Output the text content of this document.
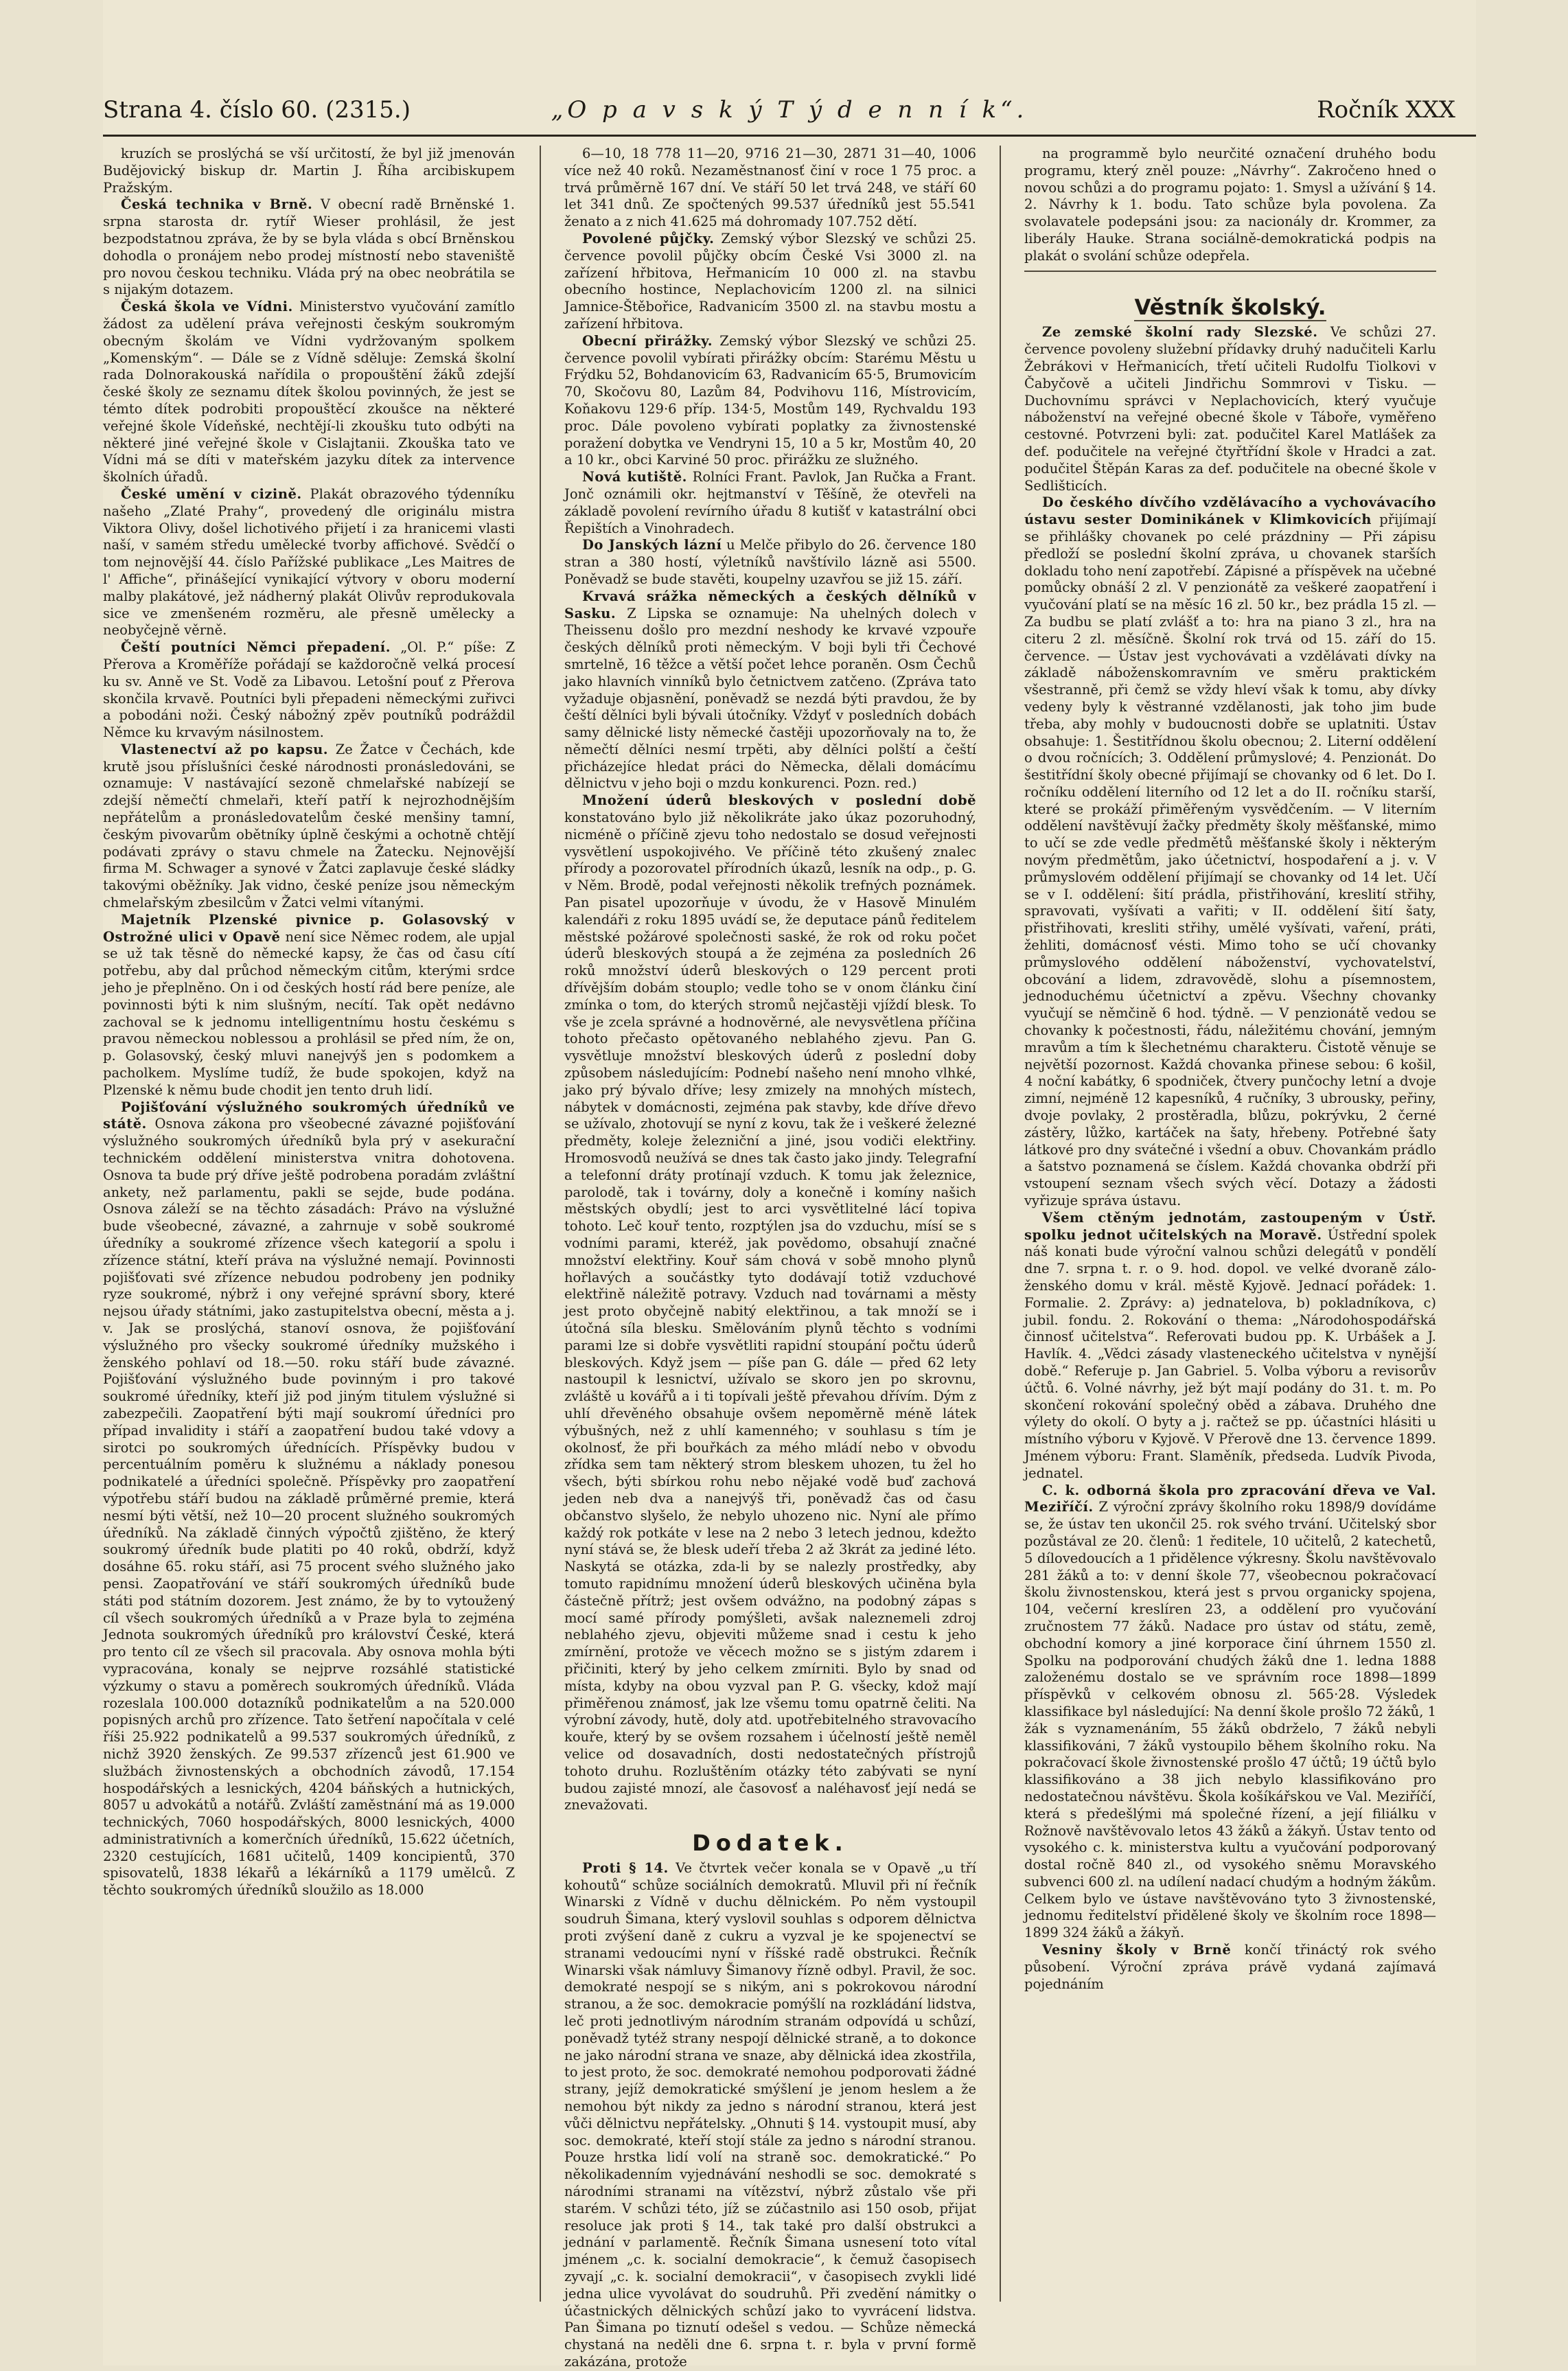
Strana 4. číslo 60. (2315.)	„O p a v s k ý T ý d e n n í k“.	Ročník XXX

kruzích se proslýchá se vší určitostí, že byl již jmenován Budějovický biskup dr. Martin J. Říha arcibiskupem Pražským.

Česká technika v Brně. V obecní radě Brněnské 1. srpna starosta dr. rytíř Wieser prohlásil, že jest bezpodstatnou zpráva, že by se byla vláda s obcí Brněnskou dohodla o pronájem nebo prodej místností nebo staveniště pro novou českou techniku. Vláda prý na obec neobrátila se s nijakým dotazem.

Česká škola ve Vídni. Ministerstvo vyučování zamítlo žádost za udělení práva veřejnosti českým soukromým obecným školám ve Vídni vydržovaným spolkem „Komenským“. — Dále se z Vídně sděluje: Zemská školní rada Dolnorakouská nařídila o propouštění žáků zdejší české školy ze seznamu dítek školou povinných, že jest se témto dítek podrobiti propouštěcí zkoušce na některé veřejné škole Vídeňské, nechtějí-li zkoušku tuto odbýti na některé jiné veřejné škole v Cislajtanii. Zkouška tato ve Vídni má se díti v mateřském jazyku dítek za intervence školních úřadů.

České umění v cizině. Plakát obrazového týdenníku našeho „Zlaté Prahy“, provedený dle originálu mistra Viktora Olivy, došel lichotivého přijetí i za hranicemi vlasti naší, v samém středu umělecké tvorby affichové. Svědčí o tom nejnovější 44. číslo Pařížské publikace „Les Maitres de l' Affiche“, přinášející vynikající výtvory v oboru moderní malby plakátové, jež nádherný plakát Olivův reprodukovala sice ve zmenšeném rozměru, ale přesně umělecky a neobyčejně věrně.

Čeští poutníci Němci přepadení. „Ol. P.“ píše: Z Přerova a Kroměříže pořádají se každoročně velká procesí ku sv. Anně ve St. Vodě za Libavou. Letošní pouť z Přerova skončila krvavě. Poutníci byli přepadeni německými zuřivci a pobodáni noži. Český nábožný zpěv poutníků podráždil Němce ku krvavým násilnostem.

Vlastenectví až po kapsu. Ze Žatce v Čechách, kde krutě jsou příslušníci české národnosti pronásledováni, se oznamuje: V nastávající sezoně chmelařské nabízejí se zdejší němečtí chmelaři, kteří patří k nejrozhodnějším nepřátelům a pronásledovatelům české menšiny tamní, českým pivovarům obětníky úplně českými a ochotně chtějí podávati zprávy o stavu chmele na Žatecku. Nejnovější firma M. Schwager a synové v Žatci zaplavuje české sládky takovými oběžníky. Jak vidno, české peníze jsou německým chmelařským zbesilcům v Žatci velmi vítanými.

Majetník Plzenské pivnice p. Golasovský v Ostrožné ulici v Opavě není sice Němec rodem, ale upjal se už tak těsně do německé kapsy, že čas od času cítí potřebu, aby dal průchod německým citům, kterými srdce jeho je přeplněno. On i od českých hostí rád bere peníze, ale povinnosti býti k nim slušným, necítí. Tak opět nedávno zachoval se k jednomu intelligentnímu hostu českému s pravou německou noblessou a prohlásil se před ním, že on, p. Golasovský, český mluvi nanejvýš jen s podomkem a pacholkem. Myslíme tudíž, že bude spokojen, když na Plzenské k němu bude chodit jen tento druh lidí.

Pojišťování výslužného soukromých úředníků ve státě. Osnova zákona pro všeobecné závazné pojišťování výslužného soukromých úředníků byla prý v asekurační technickém oddělení ministerstva vnitra dohotovena. Osnova ta bude prý dříve ještě podrobena poradám zvláštní ankety, než parlamentu, pakli se sejde, bude podána. Osnova záleží se na těchto zásadách: Právo na výslužné bude všeobecné, závazné, a zahrnuje v sobě soukromé úředníky a soukromé zřízence všech kategorií a spolu i zřízence státní, kteří práva na výslužné nemají. Povinnosti pojišťovati své zřízence nebudou podrobeny jen podniky ryze soukromé, nýbrž i ony veřejné správní sbory, které nejsou úřady státními, jako zastupitelstva obecní, města a j. v. Jak se proslýchá, stanoví osnova, že pojišťování výslužného pro všecky soukromé úředníky mužského i ženského pohlaví od 18.—50. roku stáří bude závazné. Pojišťování výslužného bude povinným i pro takové soukromé úředníky, kteří již pod jiným titulem výslužné si zabezpečili. Zaopatření býti mají soukromí úředníci pro případ invalidity i stáří a zaopatření budou také vdovy a sirotci po soukromých úřednících. Příspěvky budou v percentuálním poměru k služnému a náklady ponesou podnikatelé a úředníci společně. Příspěvky pro zaopatření výpotřebu stáří budou na základě průměrné premie, která nesmí býti větší, než 10—20 procent služného soukromých úředníků. Na základě činných výpočtů zjištěno, že který soukromý úředník bude platiti po 40 roků, obdrží, když dosáhne 65. roku stáří, asi 75 procent svého služného jako pensi. Zaopatřování ve stáří soukromých úředníků bude státi pod státním dozorem. Jest známo, že by to vytoužený cíl všech soukromých úředníků a v Praze byla to zejména Jednota soukromých úředníků pro království České, která pro tento cíl ze všech sil pracovala. Aby osnova mohla býti vypracována, konaly se nejprve rozsáhlé statistické výzkumy o stavu a poměrech soukromých úředníků. Vláda rozeslala 100.000 dotazníků podnikatelům a na 520.000 popisných archů pro zřízence. Tato šetření napočítala v celé říši 25.922 podnikatelů a 99.537 soukromých úředníků, z nichž 3920 ženských. Ze 99.537 zřízenců jest 61.900 ve službách živnostenských a obchodních závodů, 17.154 hospodářských a lesnických, 4204 báňských a hutnických, 8057 u advokátů a notářů. Zvláští zaměstnání má as 19.000 technických, 7060 hospodářských, 8000 lesnických, 4000 administrativních a komerčních úředníků, 15.622 účetních, 2320 cestujících, 1681 učitelů, 1409 koncipientů, 370 spisovatelů, 1838 lékařů a lékárníků a 1179 umělců. Z těchto soukromých úředníků sloužilo as 18.000

6—10, 18 778 11—20, 9716 21—30, 2871 31—40, 1006 více než 40 roků. Nezaměstnanosť činí v roce 1 75 proc. a trvá průměrně 167 dní. Ve stáří 50 let trvá 248, ve stáří 60 let 341 dnů. Ze spočtených 99.537 úředníků jest 55.541 ženato a z nich 41.625 má dohromady 107.752 dětí.

Povolené půjčky. Zemský výbor Slezský ve schůzi 25. července povolil půjčky obcím České Vsi 3000 zl. na zařízení hřbitova, Heřmanicím 10 000 zl. na stavbu obecního hostince, Neplachovicím 1200 zl. na silnici Jamnice-Štěbořice, Radvanicím 3500 zl. na stavbu mostu a zařízení hřbitova.

Obecní přirážky. Zemský výbor Slezský ve schůzi 25. července povolil vybírati přirážky obcím: Starému Městu u Frýdku 52, Bohdanovicím 63, Radvanicím 65·5, Brumovicím 70, Skočovu 80, Lazům 84, Podvihovu 116, Místrovicím, Koňakovu 129·6 příp. 134·5, Mostům 149, Rychvaldu 193 proc. Dále povoleno vybírati poplatky za živnostenské poražení dobytka ve Vendryni 15, 10 a 5 kr, Mostům 40, 20 a 10 kr., obci Karviné 50 proc. přirážku ze služného.

Nová kutiště. Rolníci Frant. Pavlok, Jan Ručka a Frant. Jonč oznámili okr. hejtmanství v Těšíně, že otevřeli na základě povolení revírního úřadu 8 kutišť v katastrální obci Řepištích a Vinohradech.

Do Janských lázní u Melče přibylo do 26. července 180 stran a 380 hostí, výletníků navštívilo lázně asi 5500. Poněvadž se bude stavěti, koupelny uzavřou se již 15. září.

Krvavá srážka německých a českých dělníků v Sasku. Z Lipska se oznamuje: Na uhelných dolech v Theissenu došlo pro mezdní neshody ke krvavé vzpouře českých dělníků proti německým. V boji byli tři Čechové smrtelně, 16 těžce a větší počet lehce poraněn. Osm Čechů jako hlavních vinníků bylo četnictvem zatčeno. (Zpráva tato vyžaduje objasnění, poněvadž se nezdá býti pravdou, že by čeští dělníci byli bývali útočníky. Vždyť v posledních dobách samy dělnické listy německé častěji upozorňovaly na to, že němečtí dělníci nesmí trpěti, aby dělníci polští a čeští přicházejíce hledat práci do Německa, dělali domácímu dělnictvu v jeho boji o mzdu konkurenci. Pozn. red.)

Množení úderů bleskových v poslední době konstatováno bylo již několikráte jako úkaz pozoruhodný, nicméně o příčině zjevu toho nedostalo se dosud veřejnosti vysvětlení uspokojivého. Ve příčině této zkušený znalec přírody a pozorovatel přírodních úkazů, lesník na odp., p. G. v Něm. Brodě, podal veřejnosti několik trefných poznámek. Pan pisatel upozorňuje v úvodu, že v Hasově Minulém kalendáři z roku 1895 uvádí se, že deputace pánů ředitelem městské požárové společnosti saské, že rok od roku počet úderů bleskových stoupá a že zejména za posledních 26 roků množství úderů bleskových o 129 percent proti dřívějším dobám stouplo; vedle toho se v onom článku činí zmínka o tom, do kterých stromů nejčastěji vjíždí blesk. To vše je zcela správné a hodnověrné, ale nevysvětlena příčina tohoto přečasto opětovaného neblahého zjevu. Pan G. vysvětluje množství bleskových úderů z poslední doby způsobem následujícím: Podnebí našeho není mnoho vlhké, jako prý bývalo dříve; lesy zmizely na mnohých místech, nábytek v domácnosti, zejména pak stavby, kde dříve dřevo se užívalo, zhotovují se nyní z kovu, tak že i veškeré železné předměty, koleje železniční a jiné, jsou vodiči elektřiny. Hromosvodů neužívá se dnes tak často jako jindy. Telegrafní a telefonní dráty protínají vzduch. K tomu jak železnice, parolodě, tak i továrny, doly a konečně i komíny našich městských obydlí; jest to arci vysvětlitelné lácí topiva tohoto. Leč kouř tento, rozptýlen jsa do vzduchu, mísí se s vodními parami, kteréž, jak povědomo, obsahují značné množství elektřiny. Kouř sám chová v sobě mnoho plynů hořlavých a součástky tyto dodávají totiž vzduchové elektřině náležitě potravy. Vzduch nad továrnami a městy jest proto obyčejně nabitý elektřinou, a tak množí se i útočná síla blesku. Smělováním plynů těchto s vodními parami lze si dobře vysvětliti rapidní stoupání počtu úderů bleskových. Když jsem — píše pan G. dále — před 62 lety nastoupil k lesnictví, užívalo se skoro jen po skrovnu, zvláště u kovářů a i ti topívali ještě převahou dřívím. Dým z uhlí dřevěného obsahuje ovšem nepoměrně méně látek výbušných, než z uhlí kamenného; v souhlasu s tím je okolnosť, že při bouřkách za mého mládí nebo v obvodu zřídka sem tam některý strom bleskem uhozen, tu žel ho všech, býti sbírkou rohu nebo nějaké vodě buď zachová jeden neb dva a nanejvýš tři, poněvadž čas od času občanstvo slyšelo, že nebylo uhozeno nic. Nyní ale přímo každý rok potkáte v lese na 2 nebo 3 letech jednou, kdežto nyní stává se, že blesk udeří třeba 2 až 3krát za jediné léto. Naskytá se otázka, zda-li by se nalezly prostředky, aby tomuto rapidnímu množení úderů bleskových učiněna byla částečně přítrž; jest ovšem odvážno, na podobný zápas s mocí samé přírody pomýšleti, avšak naleznemeli zdroj neblahého zjevu, objeviti můžeme snad i cestu k jeho zmírnění, protože ve věcech možno se s jistým zdarem i přičiniti, který by jeho celkem zmírniti. Bylo by snad od místa, kdyby na obou vyzval pan P. G. všecky, kdož mají přiměřenou známosť, jak lze všemu tomu opatrně čeliti. Na výrobní závody, hutě, doly atd. upotřebitelného stravovacího kouře, který by se ovšem rozsahem i účelností ještě neměl velice od dosavadních, dosti nedostatečných přístrojů tohoto druhu. Rozluštěním otázky této zabývati se nyní budou zajisté mnozí, ale časovosť a naléhavosť její nedá se znevažovati.

Dodatek.

Proti § 14. Ve čtvrtek večer konala se v Opavě „u tří kohoutů“ schůze sociálních demokratů. Mluvil při ní řečník Winarski z Vídně v duchu dělnickém. Po něm vystoupil soudruh Šimana, který vyslovil souhlas s odporem dělnictva proti zvýšení daně z cukru a vyzval je ke spojenectví se stranami vedoucími nyní v říšské radě obstrukci. Řečník Winarski však námluvy Šimanovy řízně odbyl. Pravil, že soc. demokraté nespojí se s nikým, ani s pokrokovou národní stranou, a že soc. demokracie pomýšlí na rozkládání lidstva, leč proti jednotlivým národním stranám odpovídá u schůzí, poněvadž tytéž strany nespojí dělnické straně, a to dokonce ne jako národní strana ve snaze, aby dělnická idea zkostřila, to jest proto, že soc. demokraté nemohou podporovati žádné strany, jejíž demokratické smýšlení je jenom heslem a že nemohou být nikdy za jedno s národní stranou, která jest vůči dělnictvu nepřátelsky. „Ohnuti § 14. vystoupit musí, aby soc. demokraté, kteří stojí stále za jedno s národní stranou. Pouze hrstka lidí volí na straně soc. demokratické.“ Po několikadenním vyjednávání neshodli se soc. demokraté s národními stranami na vítězství, nýbrž zůstalo vše při starém. V schůzi této, jíž se zúčastnilo asi 150 osob, přijat resoluce jak proti § 14., tak také pro další obstrukci a jednání v parlamentě. Řečník Šimana usnesení toto vítal jménem „c. k. socialní demokracie“, k čemuž časopisech zyvají „c. k. socialní demokracii“, v časopisech zvykli lidé jedna ulice vyvolávat do soudruhů. Při zvedění námitky o účastnických dělnických schůzí jako to vyvrácení lidstva. Pan Šimana po tiznutí odešel s vedou. — Schůze německá chystaná na neděli dne 6. srpna t. r. byla v první formě zakázána, protože

na programmě bylo neurčité označení druhého bodu programu, který zněl pouze: „Návrhy“. Zakročeno hned o novou schůzi a do programu pojato: 1. Smysl a užívání § 14. 2. Návrhy k 1. bodu. Tato schůze byla povolena. Za svolavatele podepsáni jsou: za nacionály dr. Krommer, za liberály Hauke. Strana sociálně-demokratická podpis na plakát o svolání schůze odepřela.

Věstník školský.

Ze zemské školní rady Slezské. Ve schůzi 27. července povoleny služební přídavky druhý nadučiteli Karlu Žebrákovi v Heřmanicích, třetí učiteli Rudolfu Tiolkovi v Čabyčově a učiteli Jindřichu Sommrovi v Tisku. — Duchovnímu správci v Neplachovicích, který vyučuje náboženství na veřejné obecné škole v Táboře, vyměřeno cestovné. Potvrzeni byli: zat. podučitel Karel Matlášek za def. podučitele na veřejné čtyřtřídní škole v Hradci a zat. podučitel Štěpán Karas za def. podučitele na obecné škole v Sedlišticích.

Do českého dívčího vzdělávacího a vychovávacího ústavu sester Dominikánek v Klimkovicích přijímají se přihlášky chovanek po celé prázdniny — Při zápisu předloží se poslední školní zpráva, u chovanek starších dokladu toho není zapotřebí. Zápisné a příspěvek na učebné pomůcky obnáší 2 zl. V penzionátě za veškeré zaopatření i vyučování platí se na měsíc 16 zl. 50 kr., bez prádla 15 zl. — Za budbu se platí zvlášť a to: hra na piano 3 zl., hra na citeru 2 zl. měsíčně. Školní rok trvá od 15. září do 15. července. — Ústav jest vychovávati a vzdělávati dívky na základě náboženskomravním ve směru praktickém všestranně, při čemž se vždy hleví však k tomu, aby dívky vedeny byly k věstranné vzdělanosti, jak toho jim bude třeba, aby mohly v budoucnosti dobře se uplatniti. Ústav obsahuje: 1. Šestitřídnou školu obecnou; 2. Literní oddělení o dvou ročnících; 3. Oddělení průmyslové; 4. Penzionát. Do šestitřídní školy obecné přijímají se chovanky od 6 let. Do I. ročníku oddělení literního od 12 let a do II. ročníku starší, které se prokáží přiměřeným vysvědčením. — V literním oddělení navštěvují žačky předměty školy měšťanské, mimo to učí se zde vedle předmětů měšťanské školy i některým novým předmětům, jako účetnictví, hospodaření a j. v. V průmyslovém oddělení přijímají se chovanky od 14 let. Učí se v I. oddělení: šití prádla, přistřihování, kreslití střihy, spravovati, vyšívati a vařiti; v II. oddělení šití šaty, přistřihovati, kresliti střihy, umělé vyšívati, vaření, práti, žehliti, domácnosť vésti. Mimo toho se učí chovanky průmyslového oddělení náboženství, vychovatelství, obcování a lidem, zdravovědě, slohu a písemnostem, jednoduchému účetnictví a zpěvu. Všechny chovanky vyučují se němčině 6 hod. týdně. — V penzionátě vedou se chovanky k počestnosti, řádu, náležitému chování, jemným mravům a tím k šlechetnému charakteru. Čistotě věnuje se největší pozornost. Každá chovanka přinese sebou: 6 košil, 4 noční kabátky, 6 spodniček, čtvery punčochy letní a dvoje zimní, nejméně 12 kapesníků, 4 ručníky, 3 ubrousky, peřiny, dvoje povlaky, 2 prostěradla, blůzu, pokrývku, 2 černé zástěry, lůžko, kartáček na šaty, hřebeny. Potřebné šaty látkové pro dny svátečné i všední a obuv. Chovankám prádlo a šatstvo poznamená se číslem. Každá chovanka obdrží při vstoupení seznam všech svých věcí. Dotazy a žádosti vyřizuje správa ústavu.

Všem ctěným jednotám, zastoupeným v Ústř. spolku jednot učitelských na Moravě. Ústřední spolek náš konati bude výroční valnou schůzi delegátů v pondělí dne 7. srpna t. r. o 9. hod. dopol. ve velké dvoraně záloženského domu v král. městě Kyjově. Jednací pořádek: 1. Formalie. 2. Zprávy: a) jednatelova, b) pokladníkova, c) jubil. fondu. 2. Rokování o thema: „Národohospodářská činnosť učitelstva“. Referovati budou pp. K. Urbášek a J. Havlík. 4. „Vědci zásady vlasteneckého učitelstva v nynější době.“ Referuje p. Jan Gabriel. 5. Volba výboru a revisorův účtů. 6. Volné návrhy, jež být mají podány do 31. t. m. Po skončení rokování společný oběd a zábava. Druhého dne výlety do okolí. O byty a j. račtež se pp. účastníci hlásiti u místního výboru v Kyjově. V Přerově dne 13. července 1899. Jménem výboru: Frant. Slaměník, předseda. Ludvík Pivoda, jednatel.

C. k. odborná škola pro zpracování dřeva ve Val. Meziříčí. Z výroční zprávy školního roku 1898/9 dovídáme se, že ústav ten ukončil 25. rok svého trvání. Učitelský sbor pozůstával ze 20. členů: 1 ředitele, 10 učitelů, 2 katechetů, 5 dílovedoucích a 1 přidělence výkresny. Školu navštěvovalo 281 žáků a to: v denní škole 77, všeobecnou pokračovací školu živnostenskou, která jest s prvou organicky spojena, 104, večerní kreslíren 23, a oddělení pro vyučování zručnostem 77 žáků. Nadace pro ústav od státu, země, obchodní komory a jiné korporace činí úhrnem 1550 zl. Spolku na podporování chudých žáků dne 1. ledna 1888 založenému dostalo se ve správním roce 1898—1899 příspěvků v celkovém obnosu zl. 565·28. Výsledek klassifikace byl následující: Na denní škole prošlo 72 žáků, 1 žák s vyznamenáním, 55 žáků obdrželo, 7 žáků nebyli klassifikováni, 7 žáků vystoupilo během školního roku. Na pokračovací škole živnostenské prošlo 47 účtů; 19 účtů bylo klassifikováno a 38 jich nebylo klassifikováno pro nedostatečnou návštěvu. Škola košíkářskou ve Val. Meziříčí, která s předešlými má společné řízení, a její filiálku v Rožnově navštěvovalo letos 43 žáků a žákyň. Ústav tento od vysokého c. k. ministerstva kultu a vyučování podporovaný dostal ročně 840 zl., od vysokého sněmu Moravského subvenci 600 zl. na udílení nadací chudým a hodným žákům. Celkem bylo ve ústave navštěvováno tyto 3 živnostenské, jednomu ředitelství přidělené školy ve školním roce 1898—1899 324 žáků a žákyň.

Vesniny školy v Brně končí třináctý rok svého působení. Výroční zpráva právě vydaná zajímavá pojednáním
